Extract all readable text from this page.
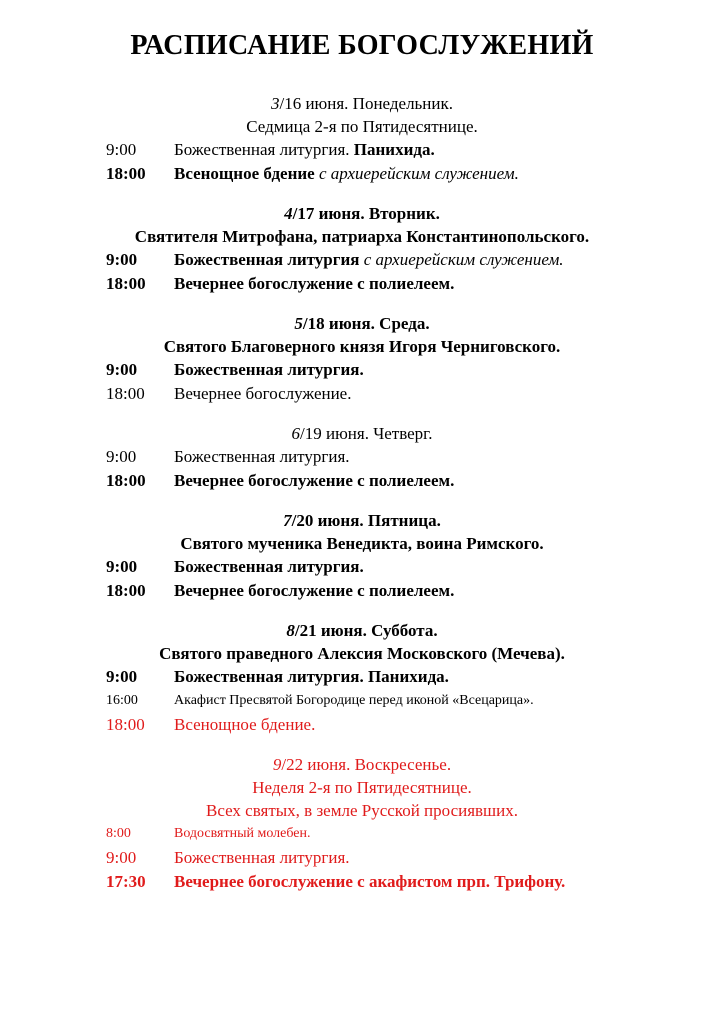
РАСПИСАНИЕ БОГОСЛУЖЕНИЙ
3/16 июня. Понедельник.
Седмица 2-я по Пятидесятнице.
9:00 Божественная литургия. Панихида.
18:00 Всенощное бдение с архиерейским служением.
4/17 июня. Вторник.
Святителя Митрофана, патриарха Константинопольского.
9:00 Божественная литургия с архиерейским служением.
18:00 Вечернее богослужение с полиелеем.
5/18 июня. Среда.
Святого Благоверного князя Игоря Черниговского.
9:00 Божественная литургия.
18:00 Вечернее богослужение.
6/19 июня. Четверг.
9:00 Божественная литургия.
18:00 Вечернее богослужение с полиелеем.
7/20 июня. Пятница.
Святого мученика Венедикта, воина Римского.
9:00 Божественная литургия.
18:00 Вечернее богослужение с полиелеем.
8/21 июня. Суббота.
Святого праведного Алексия Московского (Мечева).
9:00 Божественная литургия. Панихида.
16:00	Акафист Пресвятой Богородице перед иконой «Всецарица».
18:00 Всенощное бдение.
9/22 июня. Воскресенье.
Неделя 2-я по Пятидесятнице.
Всех святых, в земле Русской просиявших.
8:00	Водосвятный молебен.
9:00 Божественная литургия.
17:30 Вечернее богослужение с акафистом прп. Трифону.
